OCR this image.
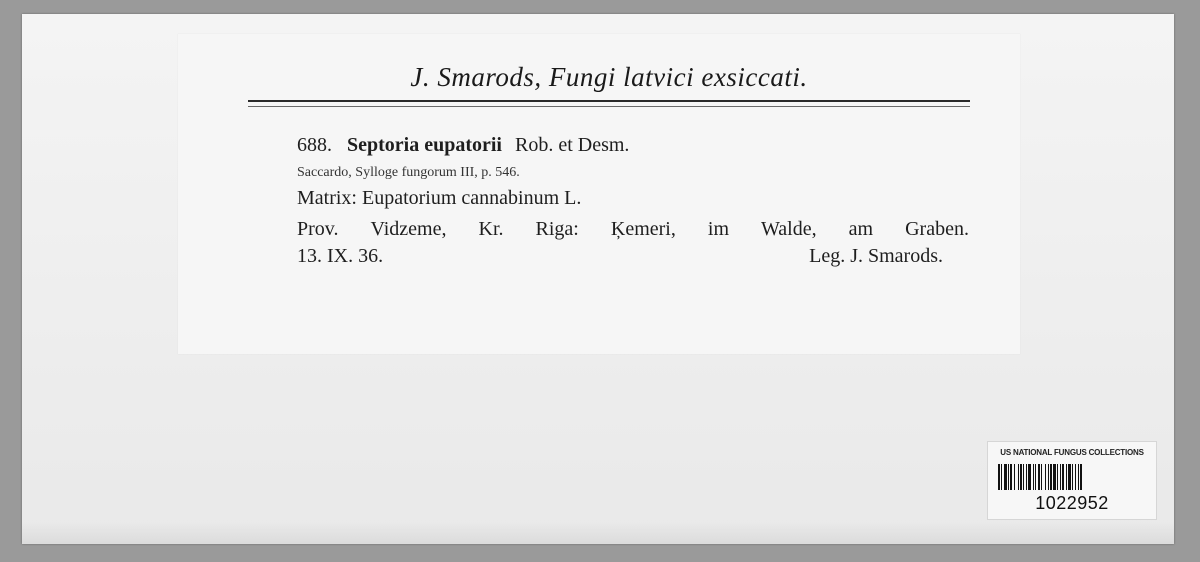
J. Smarods, Fungi latvici exsiccati.
688. Septoria eupatorii Rob. et Desm.
Saccardo, Sylloge fungorum III, p. 546.
Matrix: Eupatorium cannabinum L.
Prov. Vidzeme, Kr. Riga: Ķemeri, im Walde, am Graben.
13. IX. 36.	Leg. J. Smarods.
US NATIONAL FUNGUS COLLECTIONS
1022952
